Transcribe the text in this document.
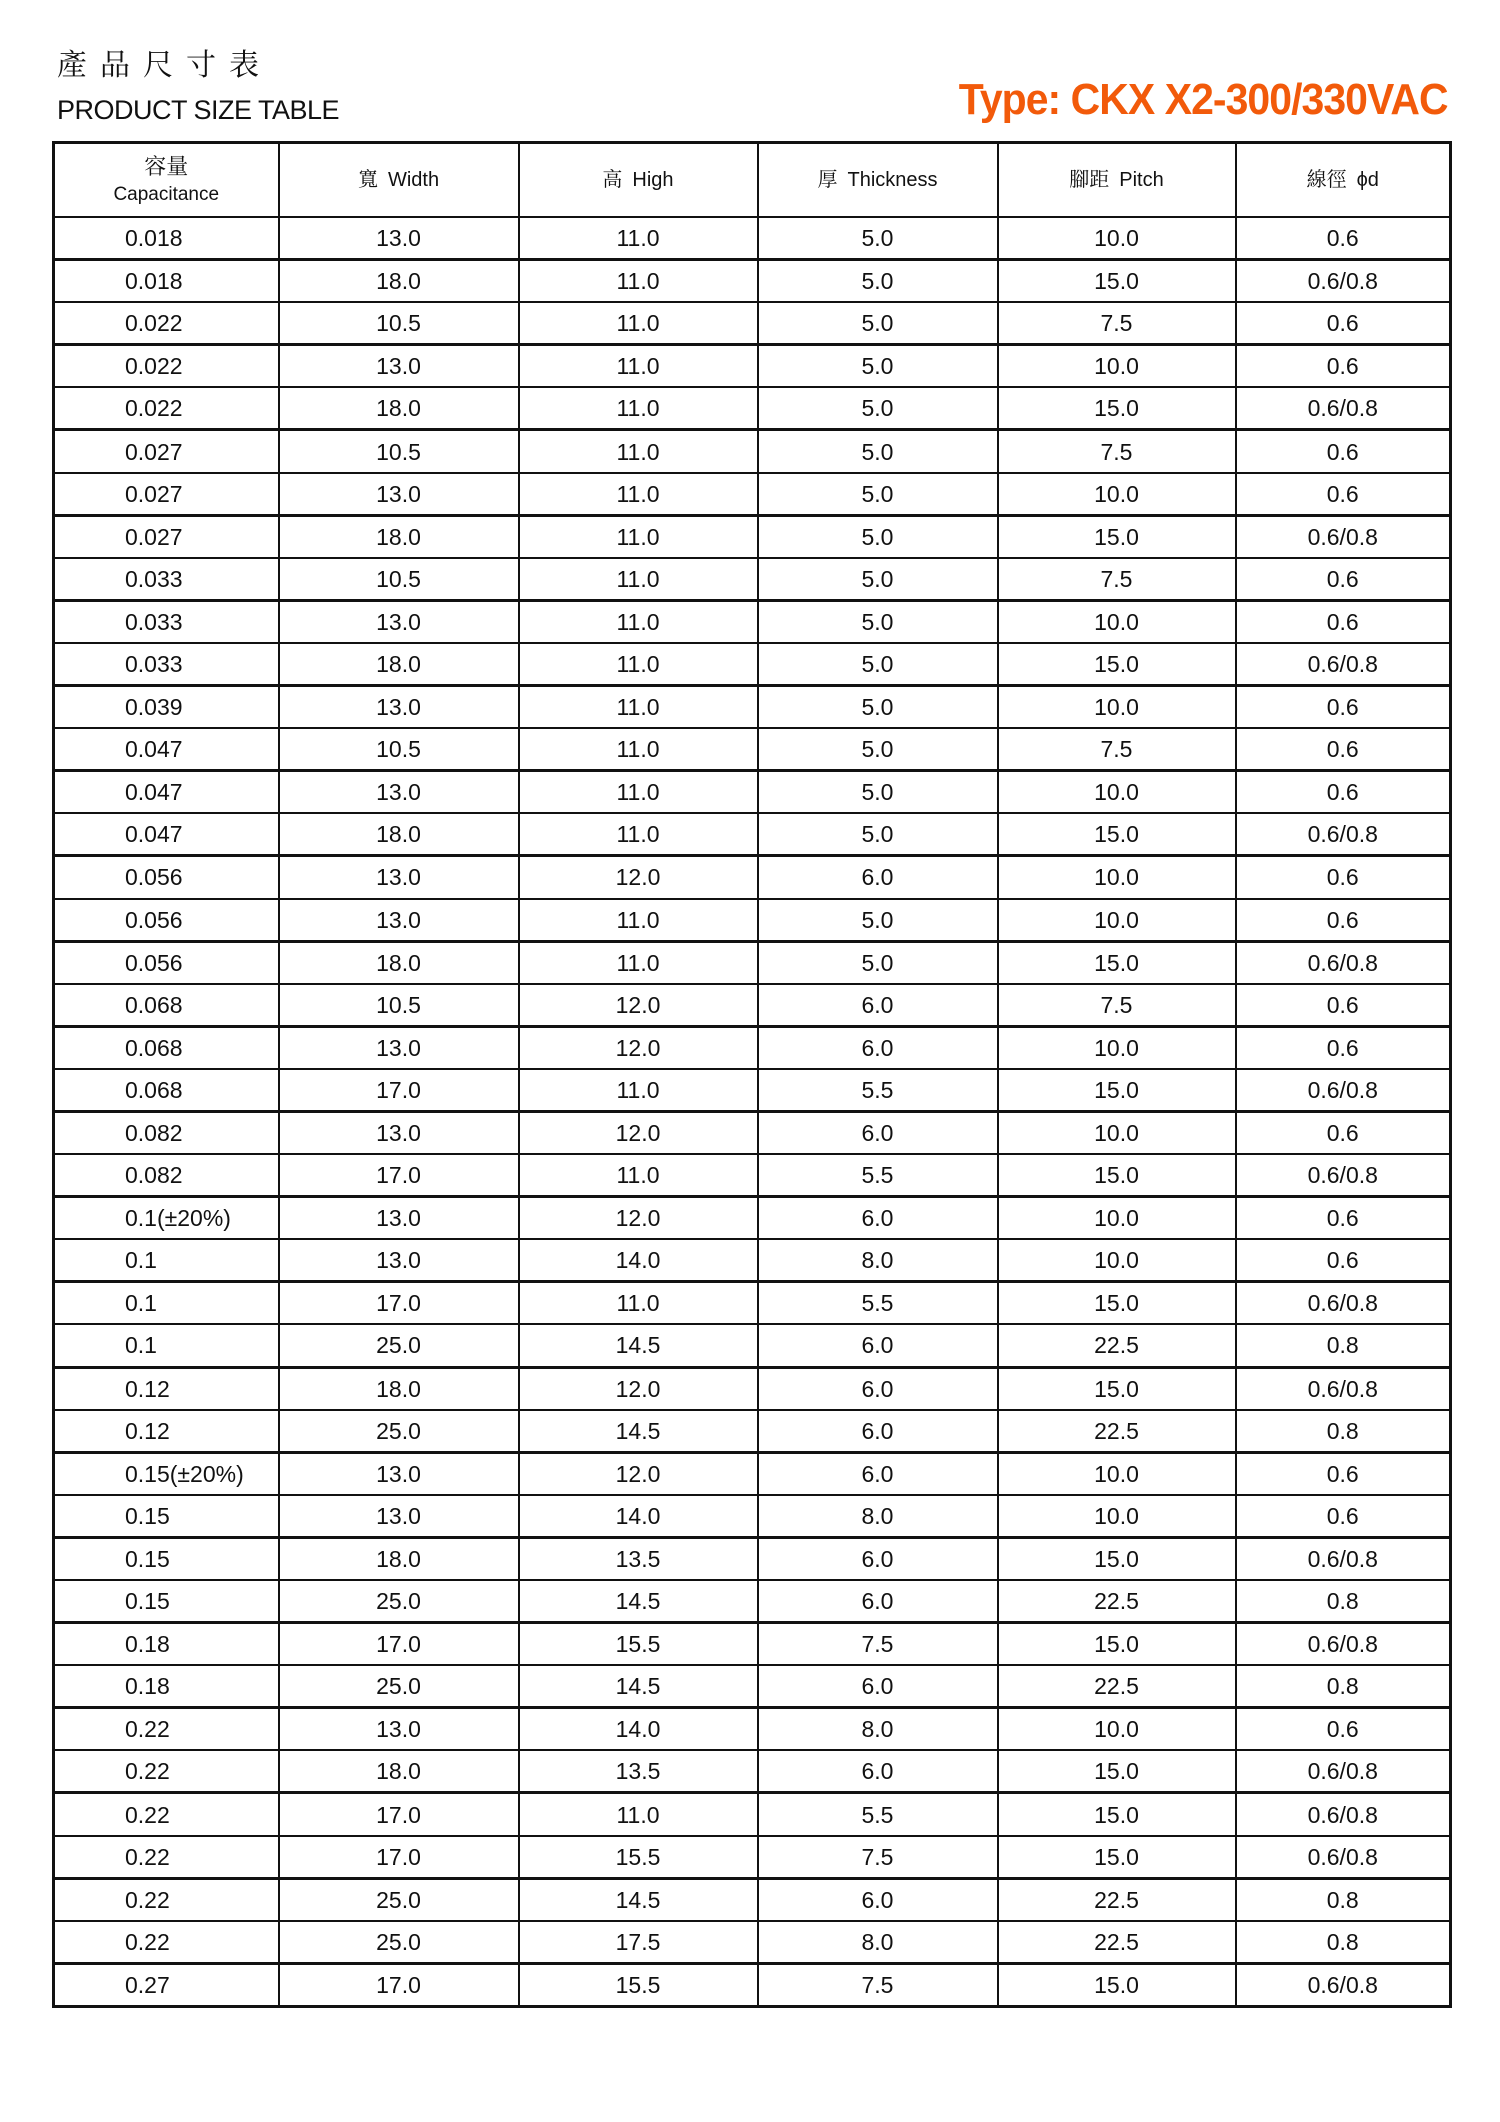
產品尺寸表
PRODUCT SIZE TABLE	Type: CKX X2-300/330VAC
容量
Capacitance	寬 Width	高 High	厚 Thickness	腳距 Pitch	線徑 ϕd
0.018	13.0	11.0	5.0	10.0	0.6
0.018	18.0	11.0	5.0	15.0	0.6/0.8
0.022	10.5	11.0	5.0	7.5	0.6
0.022	13.0	11.0	5.0	10.0	0.6
0.022	18.0	11.0	5.0	15.0	0.6/0.8
0.027	10.5	11.0	5.0	7.5	0.6
0.027	13.0	11.0	5.0	10.0	0.6
0.027	18.0	11.0	5.0	15.0	0.6/0.8
0.033	10.5	11.0	5.0	7.5	0.6
0.033	13.0	11.0	5.0	10.0	0.6
0.033	18.0	11.0	5.0	15.0	0.6/0.8
0.039	13.0	11.0	5.0	10.0	0.6
0.047	10.5	11.0	5.0	7.5	0.6
0.047	13.0	11.0	5.0	10.0	0.6
0.047	18.0	11.0	5.0	15.0	0.6/0.8
0.056	13.0	12.0	6.0	10.0	0.6
0.056	13.0	11.0	5.0	10.0	0.6
0.056	18.0	11.0	5.0	15.0	0.6/0.8
0.068	10.5	12.0	6.0	7.5	0.6
0.068	13.0	12.0	6.0	10.0	0.6
0.068	17.0	11.0	5.5	15.0	0.6/0.8
0.082	13.0	12.0	6.0	10.0	0.6
0.082	17.0	11.0	5.5	15.0	0.6/0.8
0.1(±20%)	13.0	12.0	6.0	10.0	0.6
0.1	13.0	14.0	8.0	10.0	0.6
0.1	17.0	11.0	5.5	15.0	0.6/0.8
0.1	25.0	14.5	6.0	22.5	0.8
0.12	18.0	12.0	6.0	15.0	0.6/0.8
0.12	25.0	14.5	6.0	22.5	0.8
0.15(±20%)	13.0	12.0	6.0	10.0	0.6
0.15	13.0	14.0	8.0	10.0	0.6
0.15	18.0	13.5	6.0	15.0	0.6/0.8
0.15	25.0	14.5	6.0	22.5	0.8
0.18	17.0	15.5	7.5	15.0	0.6/0.8
0.18	25.0	14.5	6.0	22.5	0.8
0.22	13.0	14.0	8.0	10.0	0.6
0.22	18.0	13.5	6.0	15.0	0.6/0.8
0.22	17.0	11.0	5.5	15.0	0.6/0.8
0.22	17.0	15.5	7.5	15.0	0.6/0.8
0.22	25.0	14.5	6.0	22.5	0.8
0.22	25.0	17.5	8.0	22.5	0.8
0.27	17.0	15.5	7.5	15.0	0.6/0.8
